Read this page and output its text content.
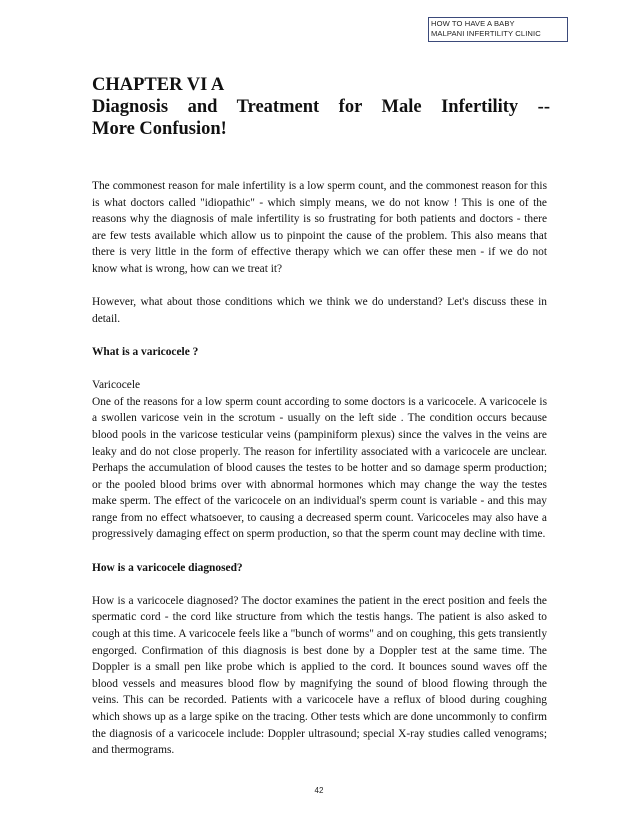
HOW TO HAVE A BABY
MALPANI INFERTILITY CLINIC
CHAPTER VI A
Diagnosis and Treatment for Male Infertility --
More Confusion!

The commonest reason for male infertility is a low sperm count, and the commonest reason for this is what doctors called "idiopathic" - which simply means, we do not know ! This is one of the reasons why the diagnosis of male infertility is so frustrating for both patients and doctors - there are few tests available which allow us to pinpoint the cause of the problem. This also means that there is very little in the form of effective therapy which we can offer these men - if we do not know what is wrong, how can we treat it?

However, what about those conditions which we think we do understand? Let's discuss these in detail.

What is a varicocele ?

Varicocele

One of the reasons for a low sperm count according to some doctors is a varicocele. A varicocele is a swollen varicose vein in the scrotum - usually on the left side . The condition occurs because blood pools in the varicose testicular veins (pampiniform plexus) since the valves in the veins are leaky and do not close properly. The reason for infertility associated with a varicocele are unclear. Perhaps the accumulation of blood causes the testes to be hotter and so damage sperm production; or the pooled blood brims over with abnormal hormones which may change the way the testes make sperm. The effect of the varicocele on an individual's sperm count is variable - and this may range from no effect whatsoever, to causing a decreased sperm count. Varicoceles may also have a progressively damaging effect on sperm production, so that the sperm count may decline with time.

How is a varicocele diagnosed?

How is a varicocele diagnosed? The doctor examines the patient in the erect position and feels the spermatic cord - the cord like structure from which the testis hangs. The patient is also asked to cough at this time. A varicocele feels like a "bunch of worms" and on coughing, this gets transiently engorged. Confirmation of this diagnosis is best done by a Doppler test at the same time. The Doppler is a small pen like probe which is applied to the cord. It bounces sound waves off the blood vessels and measures blood flow by magnifying the sound of blood flowing through the veins. This can be recorded. Patients with a varicocele have a reflux of blood during coughing which shows up as a large spike on the tracing. Other tests which are done uncommonly to confirm the diagnosis of a varicocele include: Doppler ultrasound; special X-ray studies called venograms; and thermograms.

42
